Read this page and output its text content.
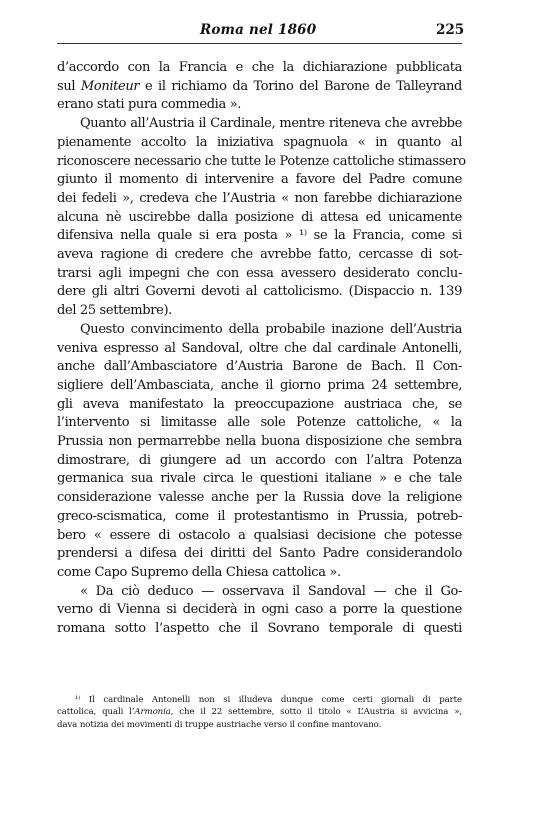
Roma nel 1860	225
d’accordo con la Francia e che la dichiarazione pubblicata
sul Moniteur e il richiamo da Torino del Barone de Talleyrand
erano stati pura commedia ».
Quanto all’Austria il Cardinale, mentre riteneva che avrebbe
pienamente accolto la iniziativa spagnuola « in quanto al
riconoscere necessario che tutte le Potenze cattoliche stimassero
giunto il momento di intervenire a favore del Padre comune
dei fedeli », credeva che l’Austria « non farebbe dichiarazione
alcuna nè uscirebbe dalla posizione di attesa ed unicamente
difensiva nella quale si era posta » ¹⁾ se la Francia, come si
aveva ragione di credere che avrebbe fatto, cercasse di sot-
trarsi agli impegni che con essa avessero desiderato conclu-
dere gli altri Governi devoti al cattolicismo. (Dispaccio n. 139
del 25 settembre).
Questo convincimento della probabile inazione dell’Austria
veniva espresso al Sandoval, oltre che dal cardinale Antonelli,
anche dall’Ambasciatore d’Austria Barone de Bach. Il Con-
sigliere dell’Ambasciata, anche il giorno prima 24 settembre,
gli aveva manifestato la preoccupazione austriaca che, se
l’intervento si limitasse alle sole Potenze cattoliche, « la
Prussia non permarrebbe nella buona disposizione che sembra
dimostrare, di giungere ad un accordo con l’altra Potenza
germanica sua rivale circa le questioni italiane » e che tale
considerazione valesse anche per la Russia dove la religione
greco-scismatica, come il protestantismo in Prussia, potreb-
bero « essere di ostacolo a qualsiasi decisione che potesse
prendersi a difesa dei diritti del Santo Padre considerandolo
come Capo Supremo della Chiesa cattolica ».
« Da ciò deduco — osservava il Sandoval — che il Go-
verno di Vienna si deciderà in ogni caso a porre la questione
romana sotto l’aspetto che il Sovrano temporale di questi
¹⁾ Il cardinale Antonelli non si illudeva dunque come certi giornali di parte
cattolica, quali l’Armonia, che il 22 settembre, sotto il titolo « L’Austria si avvicina »,
dava notizia dei movimenti di truppe austriache verso il confine mantovano.
